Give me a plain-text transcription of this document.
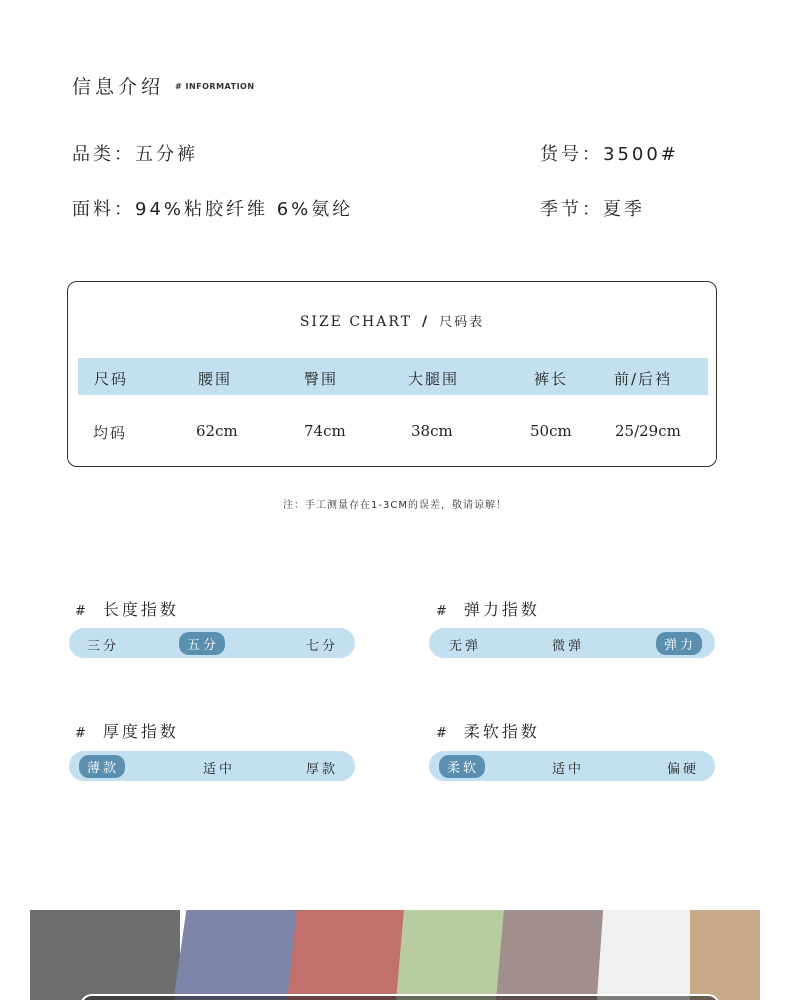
信息介绍 # INFORMATION
品类：五分裤	货号：3500#
面料：94%粘胶纤维 6%氨纶	季节：夏季
SIZE CHART / 尺码表
尺码	腰围	臀围	大腿围	裤长	前/后裆
均码	62cm	74cm	38cm	50cm	25/29cm
注：手工测量存在1-3CM的误差，敬请谅解！
# 长度指数
三分	五分	七分
# 弹力指数
无弹	微弹	弹力
# 厚度指数
薄款	适中	厚款
# 柔软指数
柔软	适中	偏硬
